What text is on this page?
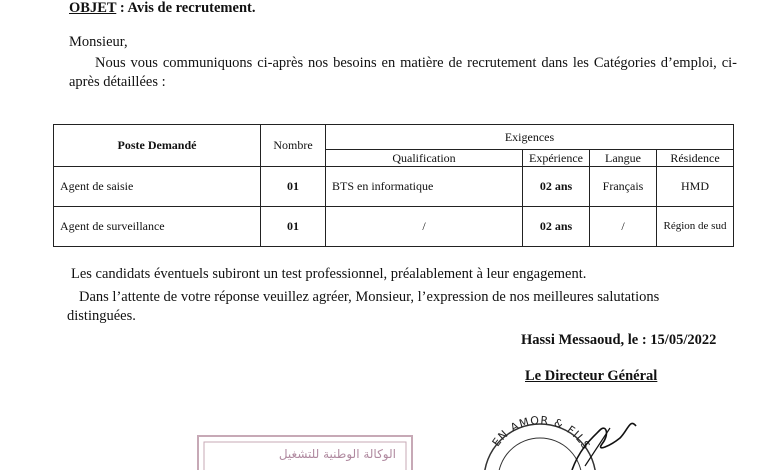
OBJET : Avis de recrutement.
Monsieur,
Nous vous communiquons ci-après nos besoins en matière de recrutement dans les Catégories d’emploi, ci-après détaillées :
Poste Demandé	Nombre	Exigences			
		Qualification	Expérience	Langue	Résidence
Agent de saisie	01	BTS en informatique	02 ans	Français	HMD
Agent de surveillance	01	/	02 ans	/	Région de sud
Les candidats éventuels subiront un test professionnel, préalablement à leur engagement.
Dans l’attente de votre réponse veuillez agréer, Monsieur, l’expression de nos meilleures salutations distinguées.
Hassi Messaoud, le : 15/05/2022
Le Directeur Général
الوكالة الوطنية للتشغيل
EN AMOR & FILS
